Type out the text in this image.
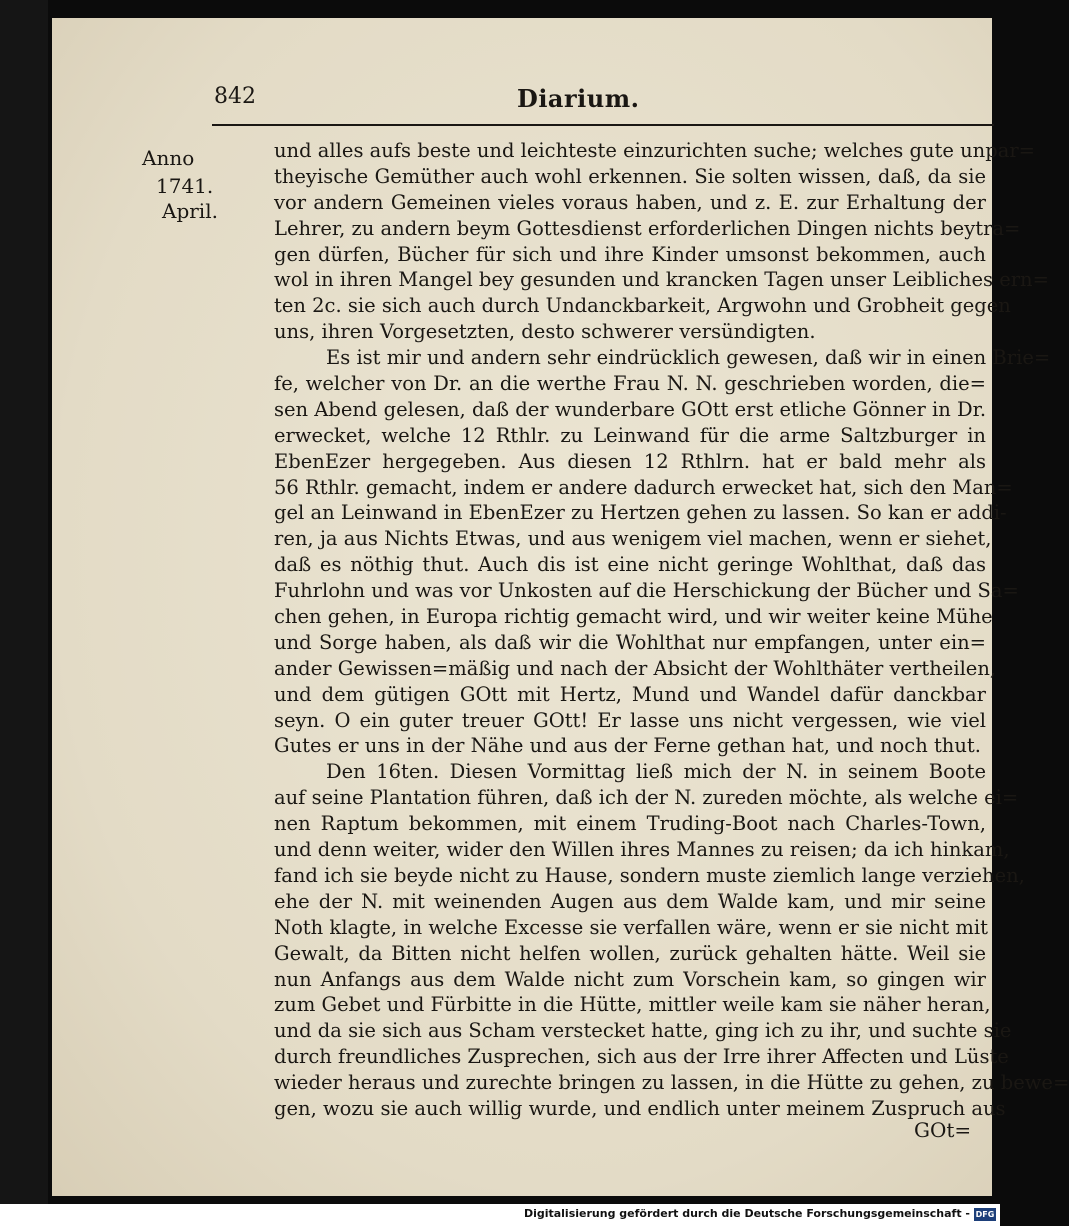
842	Diarium.
Anno
1741.
April.
und alles aufs beste und leichteste einzurichten suche; welches gute unpar=
theyische Gemüther auch wohl erkennen. Sie solten wissen, daß, da sie
vor andern Gemeinen vieles voraus haben, und z. E. zur Erhaltung der
Lehrer, zu andern beym Gottesdienst erforderlichen Dingen nichts beytra=
gen dürfen, Bücher für sich und ihre Kinder umsonst bekommen, auch
wol in ihren Mangel bey gesunden und krancken Tagen unser Leibliches ern=
ten 2c. sie sich auch durch Undanckbarkeit, Argwohn und Grobheit gegen
uns, ihren Vorgesetzten, desto schwerer versündigten.
Es ist mir und andern sehr eindrücklich gewesen, daß wir in einen Brie=
fe, welcher von Dr. an die werthe Frau N. N. geschrieben worden, die=
sen Abend gelesen, daß der wunderbare GOtt erst etliche Gönner in Dr.
erwecket, welche 12 Rthlr. zu Leinwand für die arme Saltzburger in
EbenEzer hergegeben. Aus diesen 12 Rthlrn. hat er bald mehr als
56 Rthlr. gemacht, indem er andere dadurch erwecket hat, sich den Man=
gel an Leinwand in EbenEzer zu Hertzen gehen zu lassen. So kan er addi-
ren, ja aus Nichts Etwas, und aus wenigem viel machen, wenn er siehet,
daß es nöthig thut. Auch dis ist eine nicht geringe Wohlthat, daß das
Fuhrlohn und was vor Unkosten auf die Herschickung der Bücher und Sa=
chen gehen, in Europa richtig gemacht wird, und wir weiter keine Mühe
und Sorge haben, als daß wir die Wohlthat nur empfangen, unter ein=
ander Gewissen=mäßig und nach der Absicht der Wohlthäter vertheilen,
und dem gütigen GOtt mit Hertz, Mund und Wandel dafür danckbar
seyn. O ein guter treuer GOtt! Er lasse uns nicht vergessen, wie viel
Gutes er uns in der Nähe und aus der Ferne gethan hat, und noch thut.
Den 16ten. Diesen Vormittag ließ mich der N. in seinem Boote
auf seine Plantation führen, daß ich der N. zureden möchte, als welche ei=
nen Raptum bekommen, mit einem Truding-Boot nach Charles-Town,
und denn weiter, wider den Willen ihres Mannes zu reisen; da ich hinkam,
fand ich sie beyde nicht zu Hause, sondern muste ziemlich lange verziehen,
ehe der N. mit weinenden Augen aus dem Walde kam, und mir seine
Noth klagte, in welche Excesse sie verfallen wäre, wenn er sie nicht mit
Gewalt, da Bitten nicht helfen wollen, zurück gehalten hätte. Weil sie
nun Anfangs aus dem Walde nicht zum Vorschein kam, so gingen wir
zum Gebet und Fürbitte in die Hütte, mittler weile kam sie näher heran,
und da sie sich aus Scham verstecket hatte, ging ich zu ihr, und suchte sie
durch freundliches Zusprechen, sich aus der Irre ihrer Affecten und Lüste
wieder heraus und zurechte bringen zu lassen, in die Hütte zu gehen, zu bewe=
gen, wozu sie auch willig wurde, und endlich unter meinem Zuspruch aus
GOt=
Digitalisierung gefördert durch die Deutsche Forschungsgemeinschaft - DFG
